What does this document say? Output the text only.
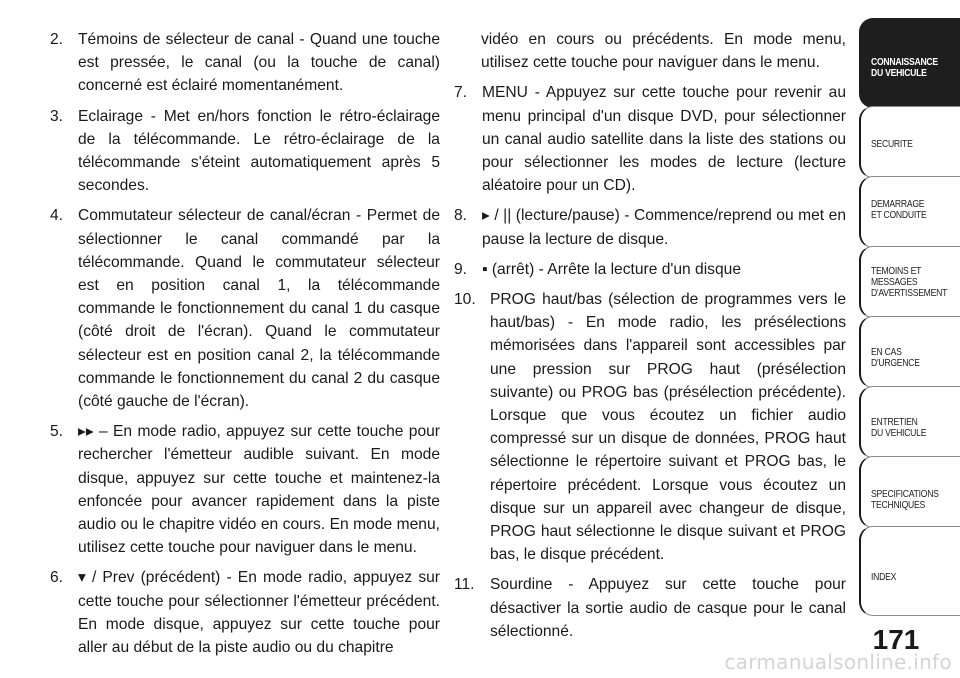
2. Témoins de sélecteur de canal - Quand une touche est pressée, le canal (ou la touche de canal) concerné est éclairé momentanément.
3. Eclairage - Met en/hors fonction le rétro-éclairage de la télécommande. Le rétro-éclairage de la télécommande s'éteint automatiquement après 5 secondes.
4. Commutateur sélecteur de canal/écran - Permet de sélectionner le canal commandé par la télécommande. Quand le commutateur sélecteur est en position canal 1, la télécommande commande le fonctionnement du canal 1 du casque (côté droit de l'écran). Quand le commutateur sélecteur est en position canal 2, la télécommande commande le fonctionnement du canal 2 du casque (côté gauche de l'écran).
5. ▸▸ – En mode radio, appuyez sur cette touche pour rechercher l'émetteur audible suivant. En mode disque, appuyez sur cette touche et maintenez-la enfoncée pour avancer rapidement dans la piste audio ou le chapitre vidéo en cours. En mode menu, utilisez cette touche pour naviguer dans le menu.
6. ▾ / Prev (précédent) - En mode radio, appuyez sur cette touche pour sélectionner l'émetteur précédent. En mode disque, appuyez sur cette touche pour aller au début de la piste audio ou du chapitre
vidéo en cours ou précédents. En mode menu, utilisez cette touche pour naviguer dans le menu.
7. MENU - Appuyez sur cette touche pour revenir au menu principal d'un disque DVD, pour sélectionner un canal audio satellite dans la liste des stations ou pour sélectionner les modes de lecture (lecture aléatoire pour un CD).
8. ▸ / || (lecture/pause) - Commence/reprend ou met en pause la lecture de disque.
9. ▪ (arrêt) - Arrête la lecture d'un disque
10. PROG haut/bas (sélection de programmes vers le haut/bas) - En mode radio, les présélections mémorisées dans l'appareil sont accessibles par une pression sur PROG haut (présélection suivante) ou PROG bas (présélection précédente). Lorsque que vous écoutez un fichier audio compressé sur un disque de données, PROG haut sélectionne le répertoire suivant et PROG bas, le répertoire précédent. Lorsque vous écoutez un disque sur un appareil avec changeur de disque, PROG haut sélectionne le disque suivant et PROG bas, le disque précédent.
11. Sourdine - Appuyez sur cette touche pour désactiver la sortie audio de casque pour le canal sélectionné.
CONNAISSANCE
DU VEHICULE
SECURITE
DEMARRAGE
ET CONDUITE
TEMOINS ET
MESSAGES
D'AVERTISSEMENT
EN CAS
D'URGENCE
ENTRETIEN
DU VEHICULE
SPECIFICATIONS
TECHNIQUES
INDEX
171
carmanualsonline.info
